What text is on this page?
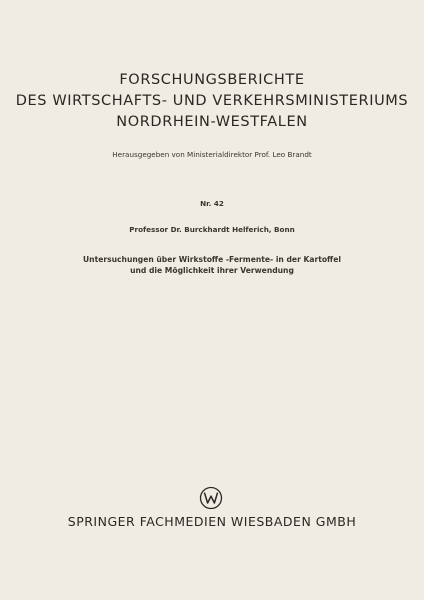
FORSCHUNGSBERICHTE
DES WIRTSCHAFTS- UND VERKEHRSMINISTERIUMS
NORDRHEIN-WESTFALEN
Herausgegeben von Ministerialdirektor Prof. Leo Brandt
Nr. 42
Professor Dr. Burckhardt Helferich, Bonn
Untersuchungen über Wirkstoffe -Fermente- in der Kartoffel
und die Möglichkeit ihrer Verwendung
SPRINGER FACHMEDIEN WIESBADEN GMBH
